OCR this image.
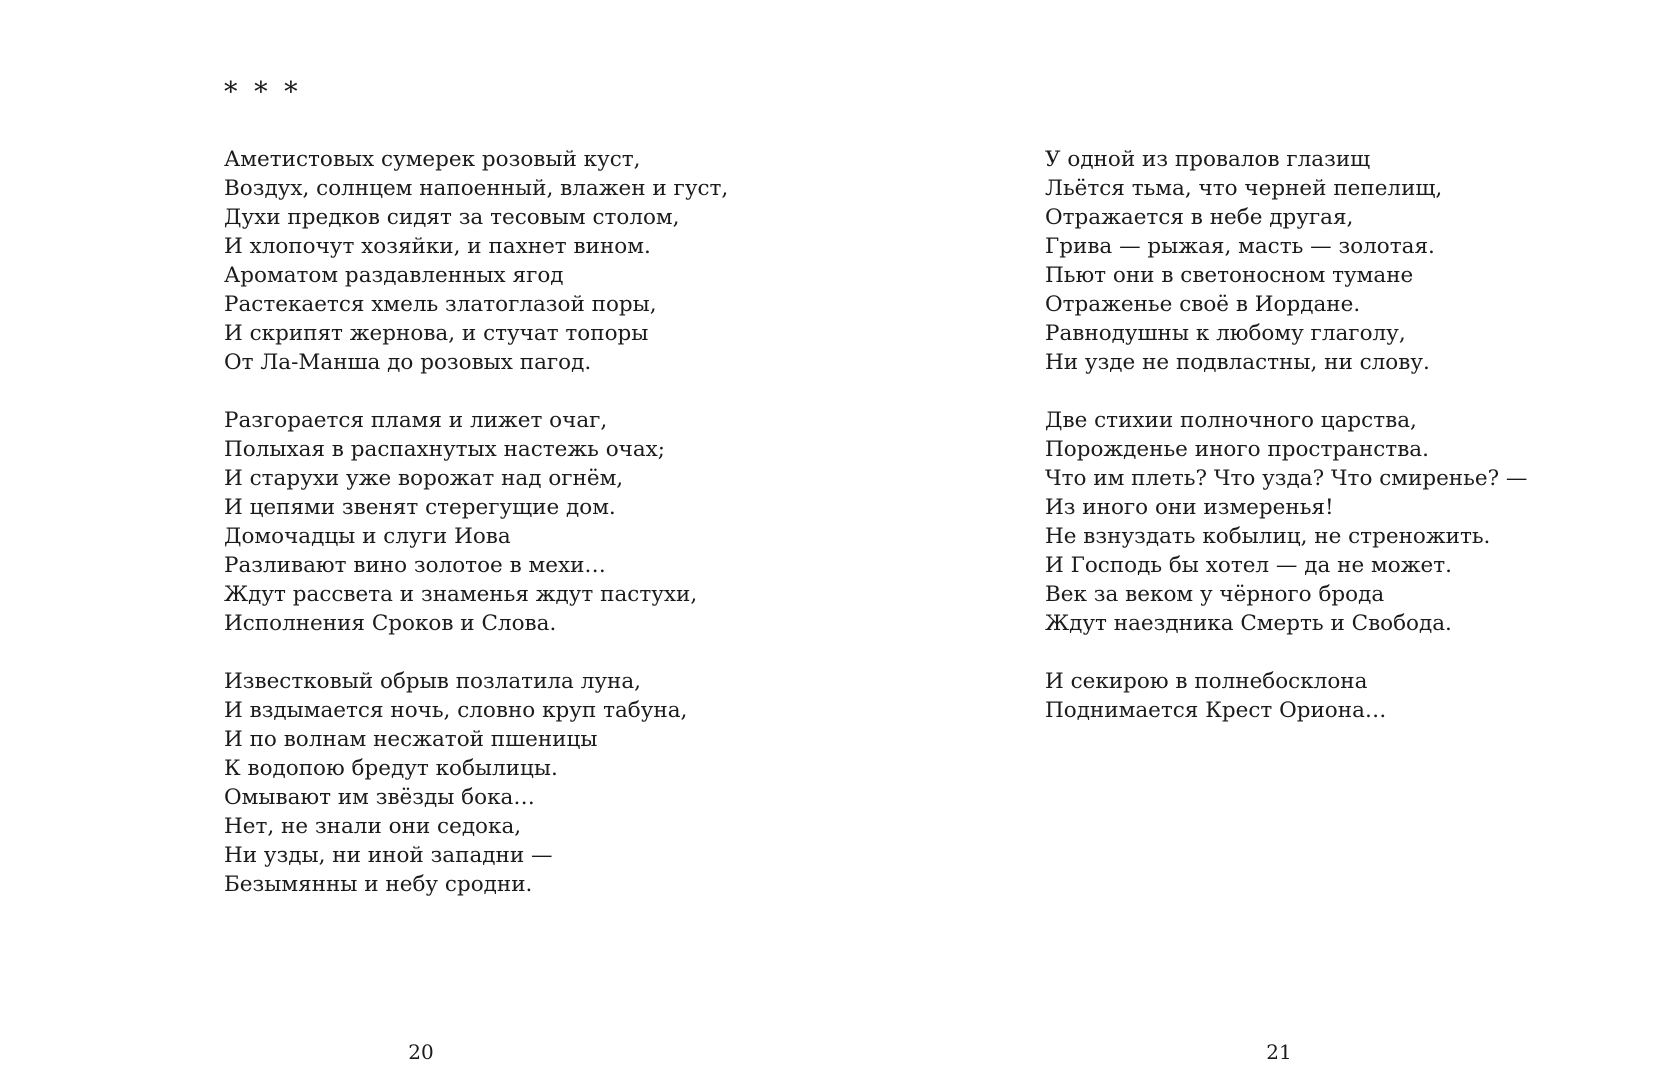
* * *

Аметистовых сумерек розовый куст,
Воздух, солнцем напоенный, влажен и густ,
Духи предков сидят за тесовым столом,
И хлопочут хозяйки, и пахнет вином.
Ароматом раздавленных ягод
Растекается хмель златоглазой поры,
И скрипят жернова, и стучат топоры
От Ла-Манша до розовых пагод.
Разгорается пламя и лижет очаг,
Полыхая в распахнутых настежь очах;
И старухи уже ворожат над огнём,
И цепями звенят стерегущие дом.
Домочадцы и слуги Иова
Разливают вино золотое в мехи…
Ждут рассвета и знаменья ждут пастухи,
Исполнения Сроков и Слова.
Известковый обрыв позлатила луна,
И вздымается ночь, словно круп табуна,
И по волнам несжатой пшеницы
К водопою бредут кобылицы.
Омывают им звёзды бока…
Нет, не знали они седока,
Ни узды, ни иной западни —
Безымянны и небу сродни.
20
У одной из провалов глазищ
Льётся тьма, что черней пепелищ,
Отражается в небе другая,
Грива — рыжая, масть — золотая.
Пьют они в светоносном тумане
Отраженье своё в Иордане.
Равнодушны к любому глаголу,
Ни узде не подвластны, ни слову.
Две стихии полночного царства,
Порожденье иного пространства.
Что им плеть? Что узда? Что смиренье? —
Из иного они измеренья!
Не взнуздать кобылиц, не стреножить.
И Господь бы хотел — да не может.
Век за веком у чёрного брода
Ждут наездника Смерть и Свобода.
И секирою в полнебосклона
Поднимается Крест Ориона…
21
